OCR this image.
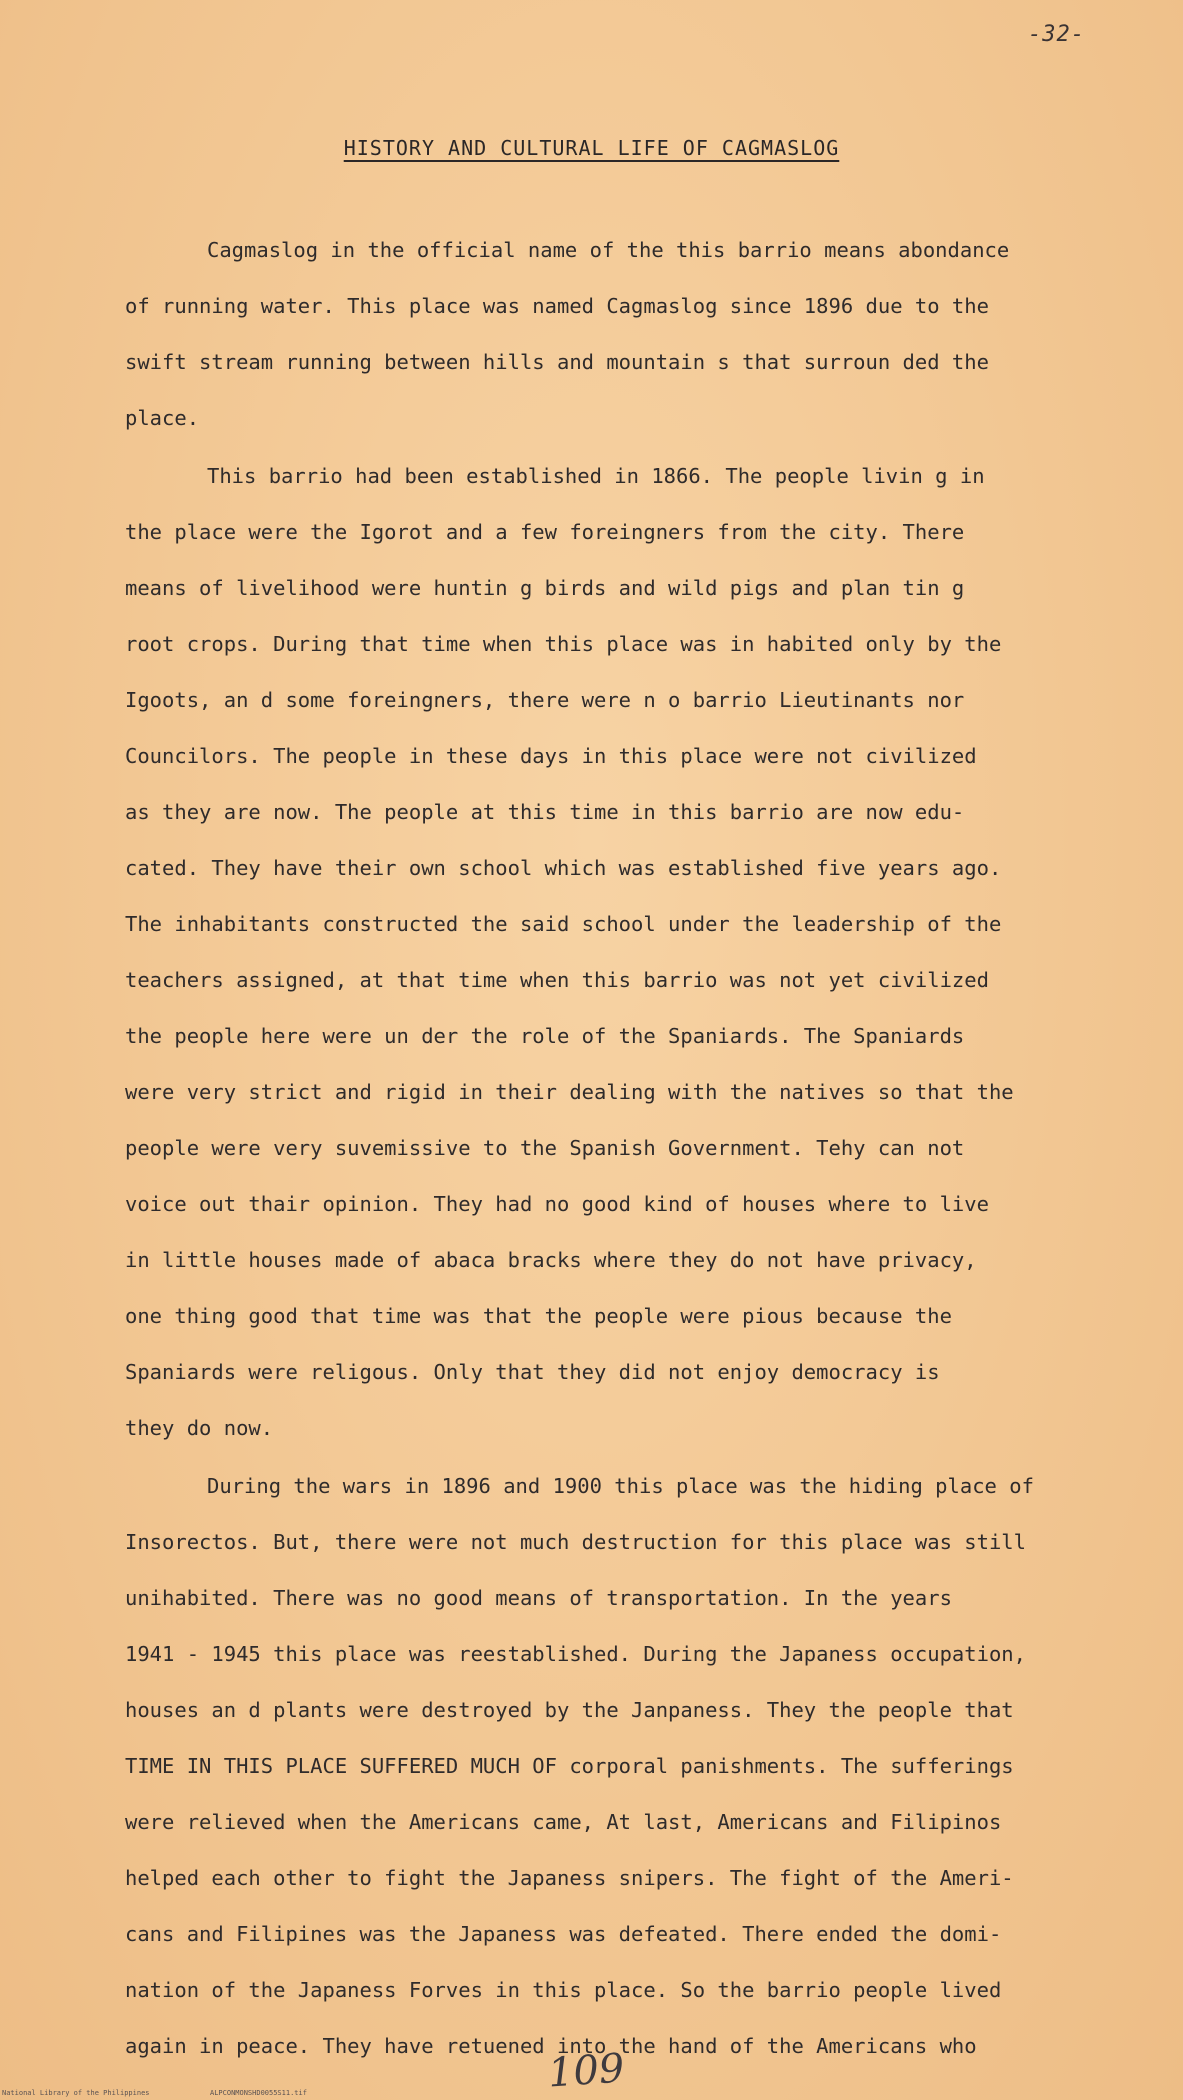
-32-
HISTORY AND CULTURAL LIFE OF CAGMASLOG

Cagmaslog in the official name of the this barrio means abondance
of running water. This place was named Cagmaslog since 1896 due to the
swift stream running between hills and mountain s that surroun ded the
place.

This barrio had been established in 1866. The people livin g in
the place were the Igorot and a few foreingners from the city. There
means of livelihood were huntin g birds and wild pigs and plan tin g
root crops. During that time when this place was in habited only by the
Igoots, an d some foreingners, there were n o barrio Lieutinants nor
Councilors. The people in these days in this place were not civilized
as they are now. The people at this time in this barrio are now edu-
cated. They have their own school which was established five years ago.
The inhabitants constructed the said school under the leadership of the
teachers assigned, at that time when this barrio was not yet civilized
the people here were un der the role of the Spaniards. The Spaniards
were very strict and rigid in their dealing with the natives so that the
people were very suvemissive to the Spanish Government. Tehy can not
voice out thair opinion. They had no good kind of houses where to live
in little houses made of abaca bracks where they do not have privacy,
one thing good that time was that the people were pious because the
Spaniards were religous. Only that they did not enjoy democracy is
they do now.

During the wars in 1896 and 1900 this place was the hiding place of
Insorectos. But, there were not much destruction for this place was still
unihabited. There was no good means of transportation. In the years
1941 - 1945 this place was reestablished. During the Japaness occupation,
houses an d plants were destroyed by the Janpaness. They the people that
TIME IN THIS PLACE SUFFERED MUCH OF corporal panishments. The sufferings
were relieved when the Americans came, At last, Americans and Filipinos
helped each other to fight the Japaness snipers. The fight of the Ameri-
cans and Filipines was the Japaness was defeated. There ended the domi-
nation of the Japaness Forves in this place. So the barrio people lived
again in peace. They have retuened into the hand of the Americans who

109
National Library of the Philippines	ALPCONMONSHD0055S11.tif
